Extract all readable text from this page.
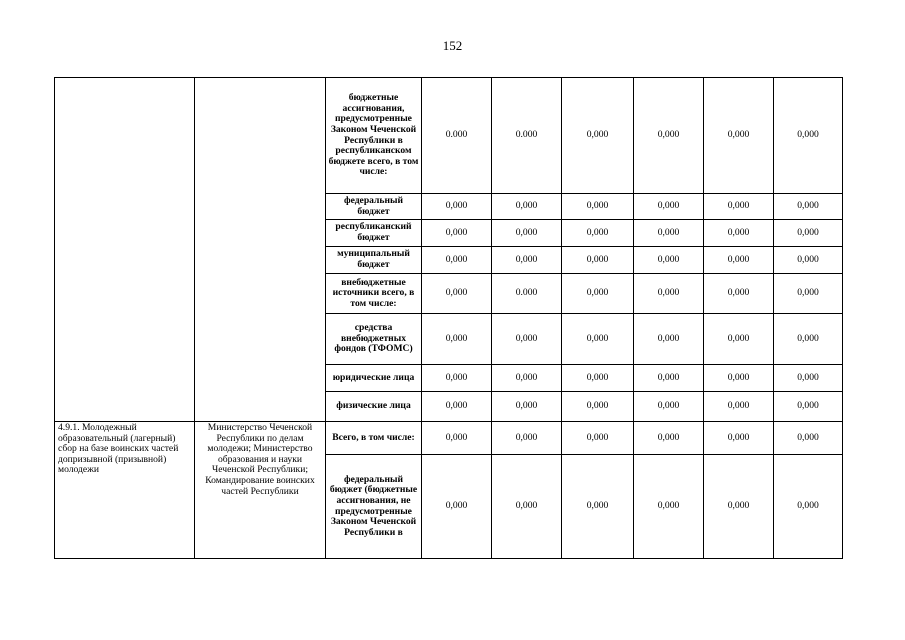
152
		бюджетные ассигнования, предусмотренные Законом Чеченской Республики в республиканском бюджете всего, в том числе:	0.000	0.000	0,000	0,000	0,000	0,000
		федеральный бюджет	0,000	0,000	0,000	0,000	0,000	0,000
		республиканский бюджет	0,000	0,000	0,000	0,000	0,000	0,000
		муниципальный бюджет	0,000	0,000	0,000	0,000	0,000	0,000
		внебюджетные источники всего, в том числе:	0,000	0.000	0,000	0,000	0,000	0,000
		средства внебюджетных фондов (ТФОМС)	0,000	0,000	0,000	0,000	0,000	0,000
		юридические лица	0,000	0,000	0,000	0,000	0,000	0,000
		физические лица	0,000	0,000	0,000	0,000	0,000	0,000
4.9.1. Молодежный образовательный (лагерный) сбор на базе воинских частей допризывной (призывной) молодежи	Министерство Чеченской Республики по делам молодежи; Министерство образования и науки Чеченской Республики; Командирование воинских частей Республики	Всего, в том числе:	0,000	0,000	0,000	0,000	0,000	0,000
		федеральный бюджет (бюджетные ассигнования, не предусмотренные Законом Чеченской Республики в	0,000	0,000	0,000	0,000	0,000	0,000
